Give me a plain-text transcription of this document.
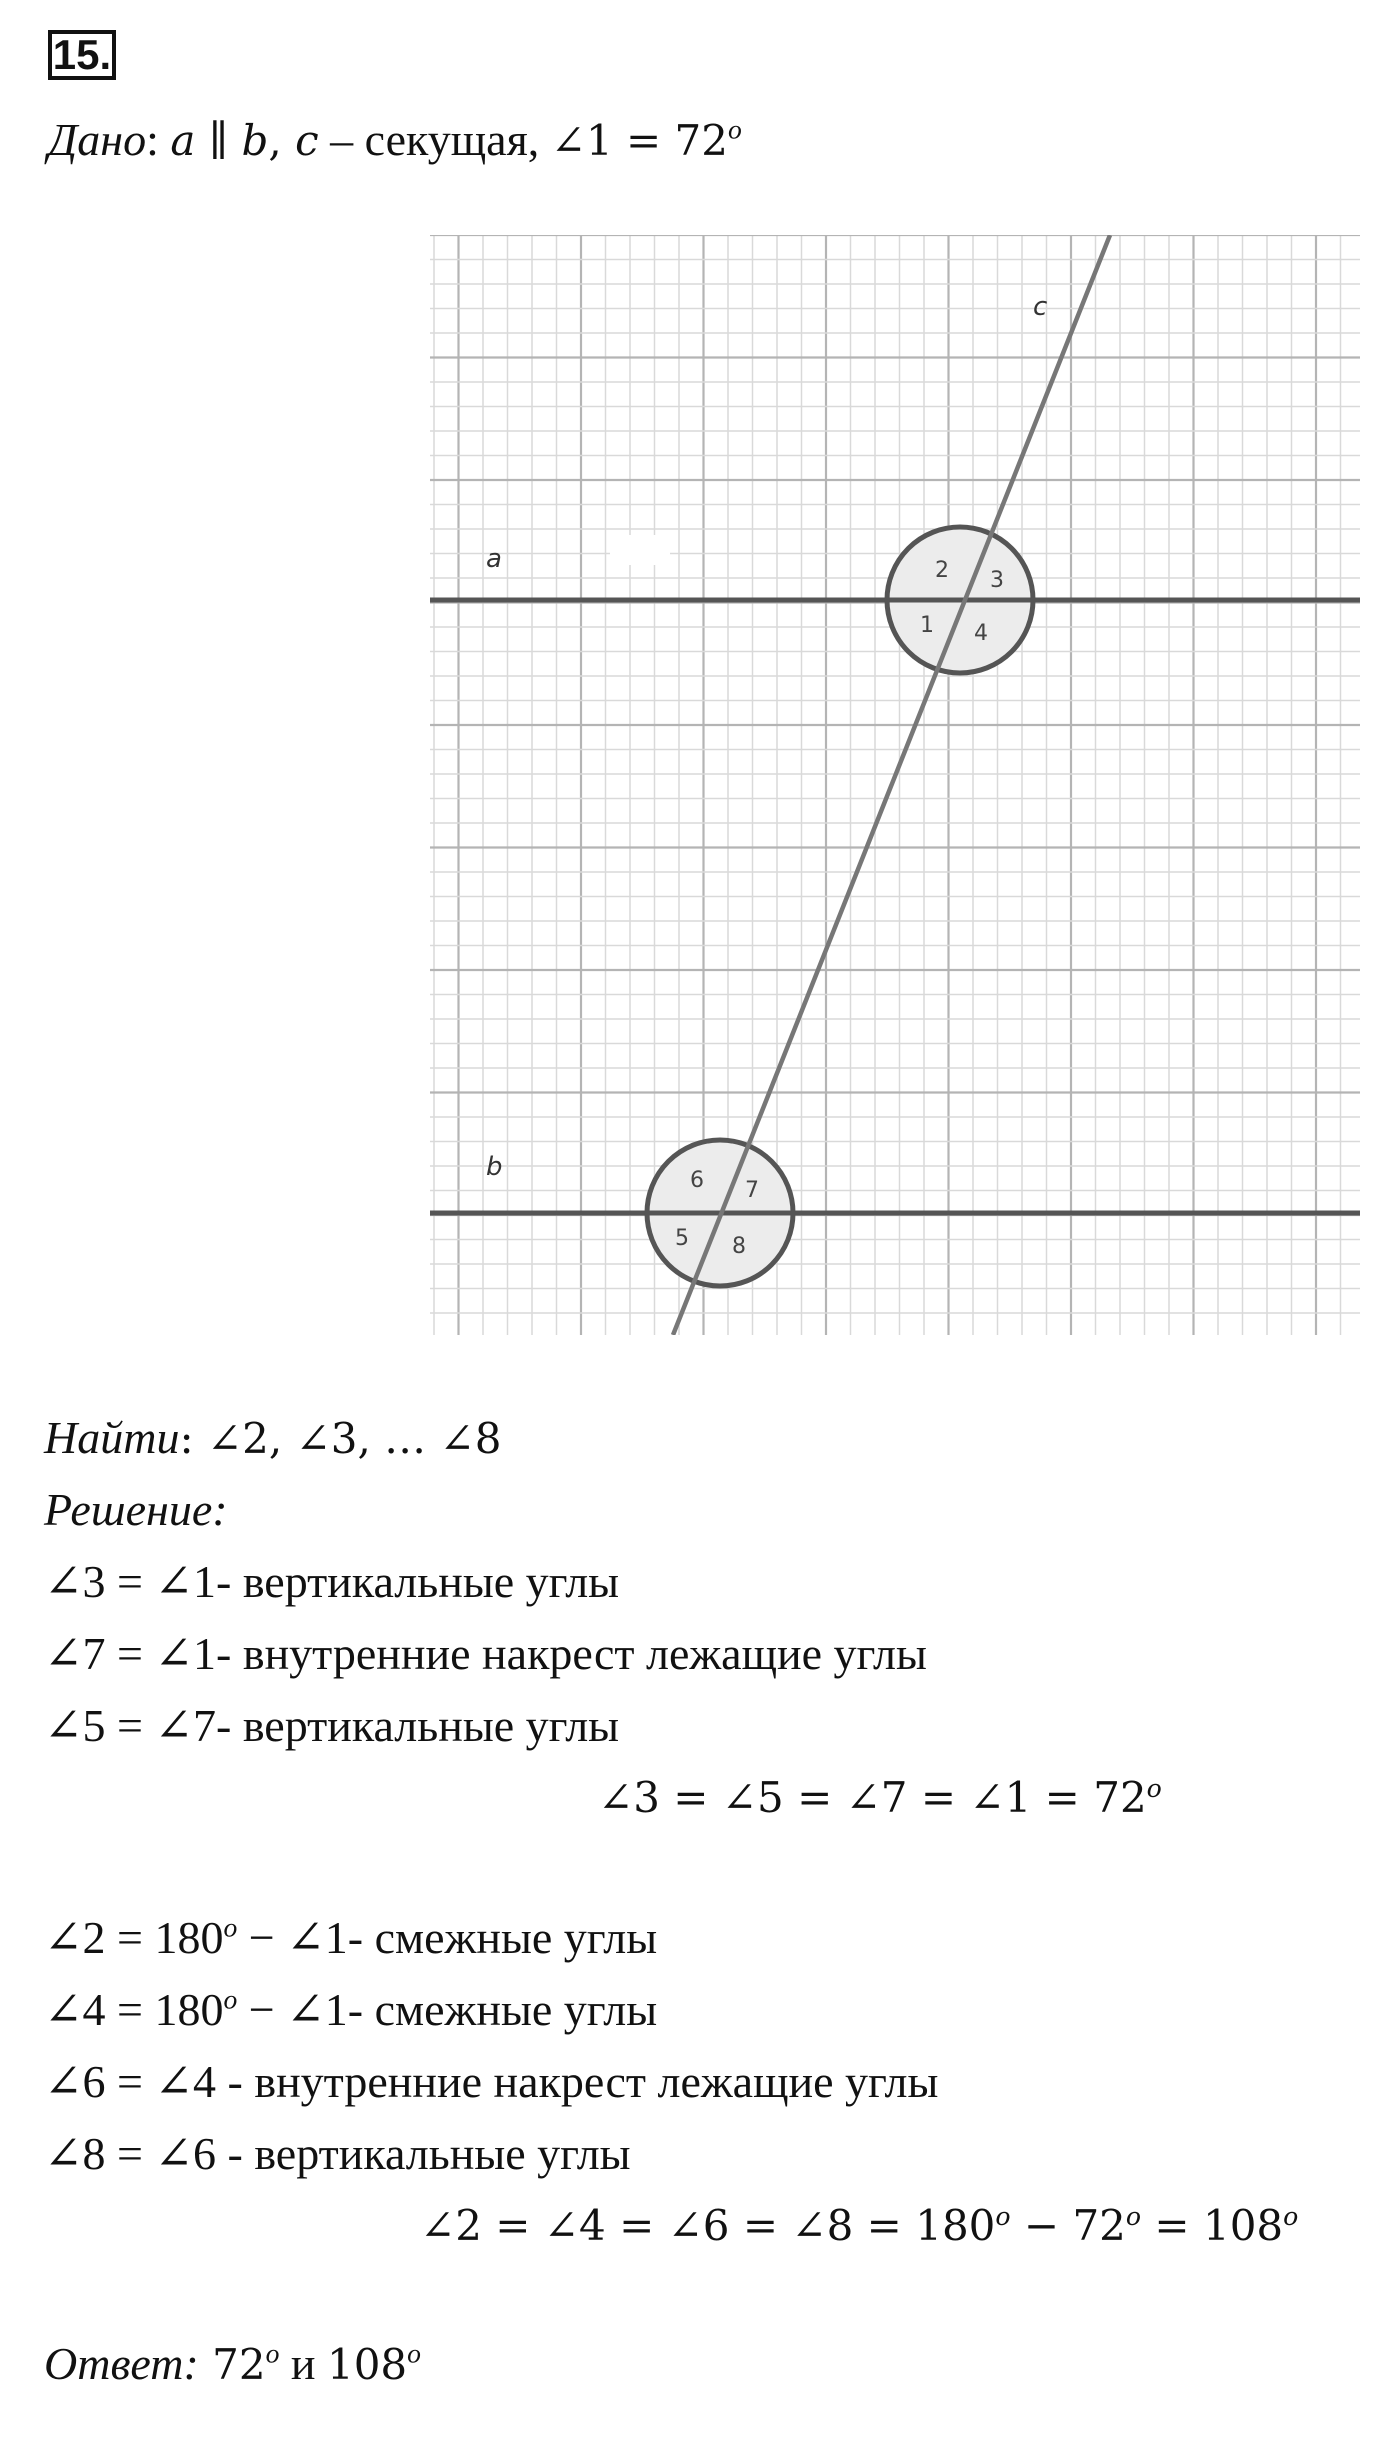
15.
Дано: a ∥ b, c – секущая, ∠1 = $72^o$
a
b
c
1
2 3
4
5
6 7
8
Найти: ∠2, ∠3, … ∠8
Решение:
∠3 = ∠1- вертикальные углы
∠7 = ∠1- внутренние накрест лежащие углы
∠5 = ∠7- вертикальные углы
∠3 = ∠5 = ∠7 = ∠1 = $72^o$
∠2 = $180^o$ − ∠1- смежные углы
∠4 = $180^o$ − ∠1- смежные углы
∠6 = ∠4 - внутренние накрест лежащие углы
∠8 = ∠6 - вертикальные углы
∠2 = ∠4 = ∠6 = ∠8 = $180^o - 72^o = 108^o$
Ответ: 72$^o$ и 108$^o$
